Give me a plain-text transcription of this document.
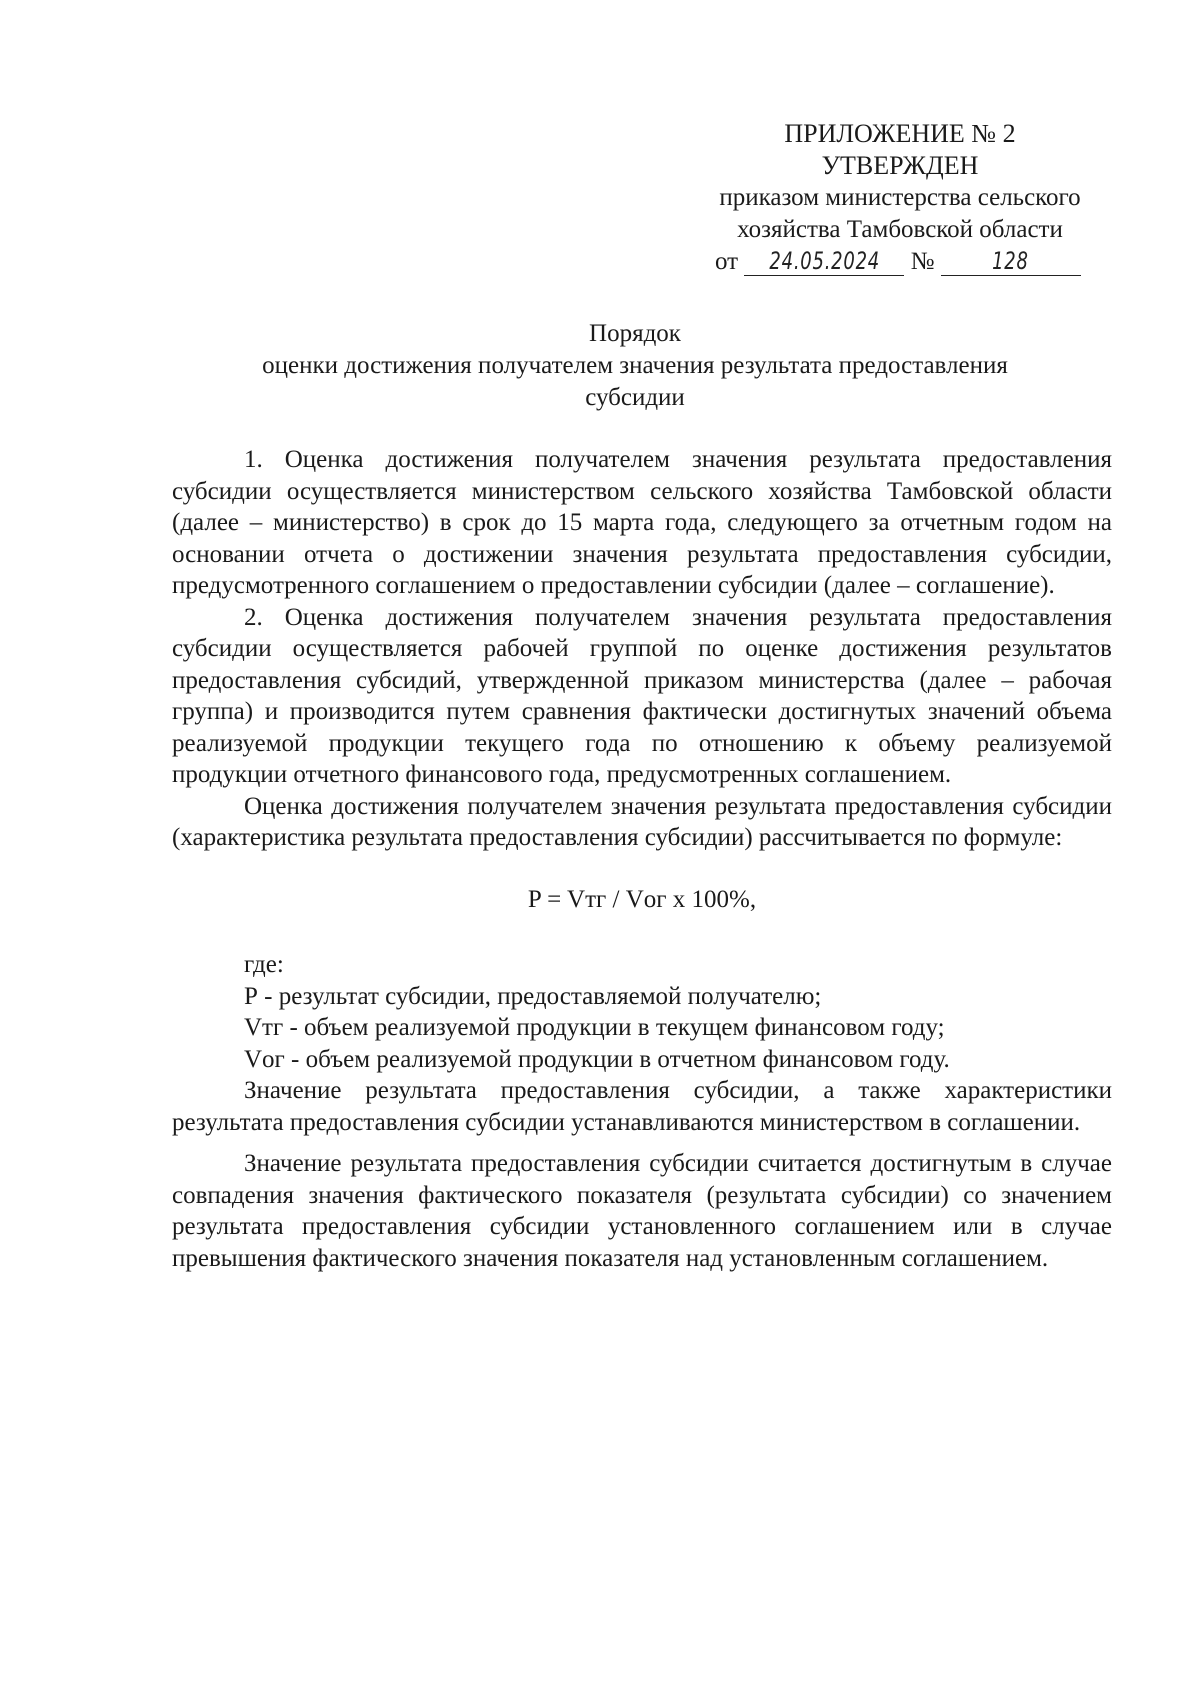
ПРИЛОЖЕНИЕ № 2
УТВЕРЖДЕН
приказом министерства сельского
хозяйства Тамбовской области
от 24.05.2024 № 128
Порядок
оценки достижения получателем значения результата предоставления
субсидии

1. Оценка достижения получателем значения результата предоставления субсидии осуществляется министерством сельского хозяйства Тамбовской области (далее – министерство) в срок до 15 марта года, следующего за отчетным годом на основании отчета о достижении значения результата предоставления субсидии, предусмотренного соглашением о предоставлении субсидии (далее – соглашение).

2. Оценка достижения получателем значения результата предоставления субсидии осуществляется рабочей группой по оценке достижения результатов предоставления субсидий, утвержденной приказом министерства (далее – рабочая группа) и производится путем сравнения фактически достигнутых значений объема реализуемой продукции текущего года по отношению к объему реализуемой продукции отчетного финансового года, предусмотренных соглашением.

Оценка достижения получателем значения результата предоставления субсидии (характеристика результата предоставления субсидии) рассчитывается по формуле:

P = Vтг / Vог х 100%,

где:

Р - результат субсидии, предоставляемой получателю;

Vтг - объем реализуемой продукции в текущем финансовом году;

Vог - объем реализуемой продукции в отчетном финансовом году.

Значение результата предоставления субсидии, а также характеристики результата предоставления субсидии устанавливаются министерством в соглашении.

Значение результата предоставления субсидии считается достигнутым в случае совпадения значения фактического показателя (результата субсидии) со значением результата предоставления субсидии установленного соглашением или в случае превышения фактического значения показателя над установленным соглашением.
